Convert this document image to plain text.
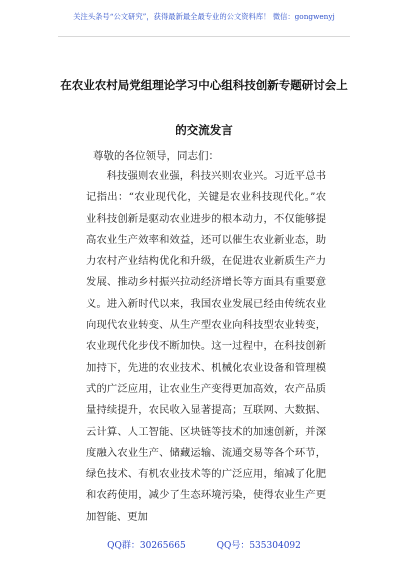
关注头条号“公文研究”，获得最新最全最专业的公文资料库！ 微信：gongwenyj
在农业农村局党组理论学习中心组科技创新专题研讨会上
的交流发言
尊敬的各位领导，同志们：
科技强则农业强，科技兴则农业兴。习近平总书记指出：“农业现代化，关键是农业科技现代化。”农业科技创新是驱动农业进步的根本动力，不仅能够提高农业生产效率和效益，还可以催生农业新业态，助力农村产业结构优化和升级，在促进农业新质生产力发展、推动乡村振兴拉动经济增长等方面具有重要意义。进入新时代以来，我国农业发展已经由传统农业向现代农业转变、从生产型农业向科技型农业转变，农业现代化步伐不断加快。这一过程中，在科技创新加持下，先进的农业技术、机械化农业设备和管理模式的广泛应用，让农业生产变得更加高效，农产品质量持续提升，农民收入显著提高；互联网、大数据、云计算、人工智能、区块链等技术的加速创新，并深度融入农业生产、储藏运输、流通交易等各个环节，绿色技术、有机农业技术等的广泛应用，缩减了化肥和农药使用，减少了生态环境污染，使得农业生产更加智能、更加
QQ群：30265665	QQ号：535304092
